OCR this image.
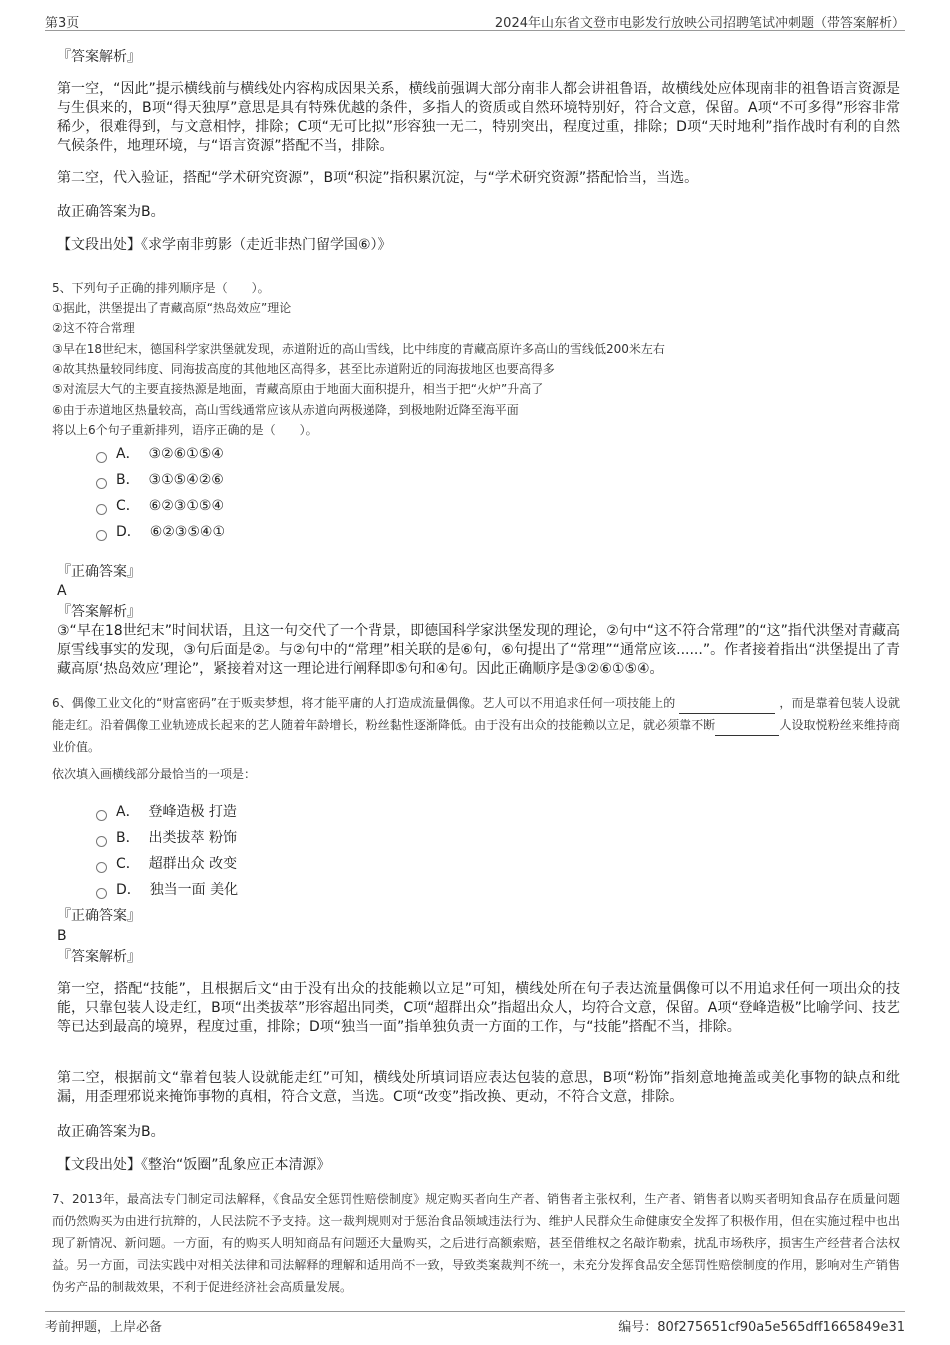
第3页	2024年山东省文登市电影发行放映公司招聘笔试冲刺题（带答案解析）
『答案解析』
第一空，“因此”提示横线前与横线处内容构成因果关系，横线前强调大部分南非人都会讲祖鲁语，故横线处应体现南非的祖鲁语言资源是与生俱来的，B项“得天独厚”意思是具有特殊优越的条件，多指人的资质或自然环境特别好，符合文意，保留。A项“不可多得”形容非常稀少，很难得到，与文意相悖，排除；C项“无可比拟”形容独一无二，特别突出，程度过重，排除；D项“天时地利”指作战时有利的自然气候条件，地理环境，与“语言资源”搭配不当，排除。
第二空，代入验证，搭配“学术研究资源”，B项“积淀”指积累沉淀，与“学术研究资源”搭配恰当，当选。
故正确答案为B。
【文段出处】《求学南非剪影（走近非热门留学国⑥）》
5、下列句子正确的排列顺序是（　　）。
①据此，洪堡提出了青藏高原“热岛效应”理论
②这不符合常理
③早在18世纪末，德国科学家洪堡就发现，赤道附近的高山雪线，比中纬度的青藏高原许多高山的雪线低200米左右
④故其热量较同纬度、同海拔高度的其他地区高得多，甚至比赤道附近的同海拔地区也要高得多
⑤对流层大气的主要直接热源是地面，青藏高原由于地面大面积提升，相当于把“火炉”升高了
⑥由于赤道地区热量较高，高山雪线通常应该从赤道向两极递降，到极地附近降至海平面
将以上6个句子重新排列，语序正确的是（　　）。
A． ③②⑥①⑤④
B． ③①⑤④②⑥
C． ⑥②③①⑤④
D． ⑥②③⑤④①
『正确答案』
A
『答案解析』
③“早在18世纪末”时间状语，且这一句交代了一个背景，即德国科学家洪堡发现的理论，②句中“这不符合常理”的“这”指代洪堡对青藏高原雪线事实的发现，③句后面是②。与②句中的“常理”相关联的是⑥句，⑥句提出了“常理”“通常应该......”。作者接着指出“洪堡提出了青藏高原‘热岛效应’理论”，紧接着对这一理论进行阐释即⑤句和④句。因此正确顺序是③②⑥①⑤④。
6、偶像工业文化的“财富密码”在于贩卖梦想，将才能平庸的人打造成流量偶像。艺人可以不用追求任何一项技能上的	，而是靠着包装人设就能走红。沿着偶像工业轨迹成长起来的艺人随着年龄增长，粉丝黏性逐渐降低。由于没有出众的技能赖以立足，就必须靠不断	人设取悦粉丝来维持商业价值。
依次填入画横线部分最恰当的一项是：
A． 登峰造极 打造
B． 出类拔萃 粉饰
C． 超群出众 改变
D． 独当一面 美化
『正确答案』
B
『答案解析』
第一空，搭配“技能”，且根据后文“由于没有出众的技能赖以立足”可知，横线处所在句子表达流量偶像可以不用追求任何一项出众的技能，只靠包装人设走红，B项“出类拔萃”形容超出同类，C项“超群出众”指超出众人，均符合文意，保留。A项“登峰造极”比喻学问、技艺等已达到最高的境界，程度过重，排除；D项“独当一面”指单独负责一方面的工作，与“技能”搭配不当，排除。
第二空，根据前文“靠着包装人设就能走红”可知，横线处所填词语应表达包装的意思，B项“粉饰”指刻意地掩盖或美化事物的缺点和纰漏，用歪理邪说来掩饰事物的真相，符合文意，当选。C项“改变”指改换、更动，不符合文意，排除。
故正确答案为B。
【文段出处】《整治“饭圈”乱象应正本清源》
7、2013年，最高法专门制定司法解释，《食品安全惩罚性赔偿制度》规定购买者向生产者、销售者主张权利，生产者、销售者以购买者明知食品存在质量问题而仍然购买为由进行抗辩的，人民法院不予支持。这一裁判规则对于惩治食品领域违法行为、维护人民群众生命健康安全发挥了积极作用，但在实施过程中也出现了新情况、新问题。一方面，有的购买人明知商品有问题还大量购买，之后进行高额索赔，甚至借维权之名敲诈勒索，扰乱市场秩序，损害生产经营者合法权益。另一方面，司法实践中对相关法律和司法解释的理解和适用尚不一致，导致类案裁判不统一，未充分发挥食品安全惩罚性赔偿制度的作用，影响对生产销售伪劣产品的制裁效果，不利于促进经济社会高质量发展。
考前押题，上岸必备	编号：80f275651cf90a5e565dff1665849e31
